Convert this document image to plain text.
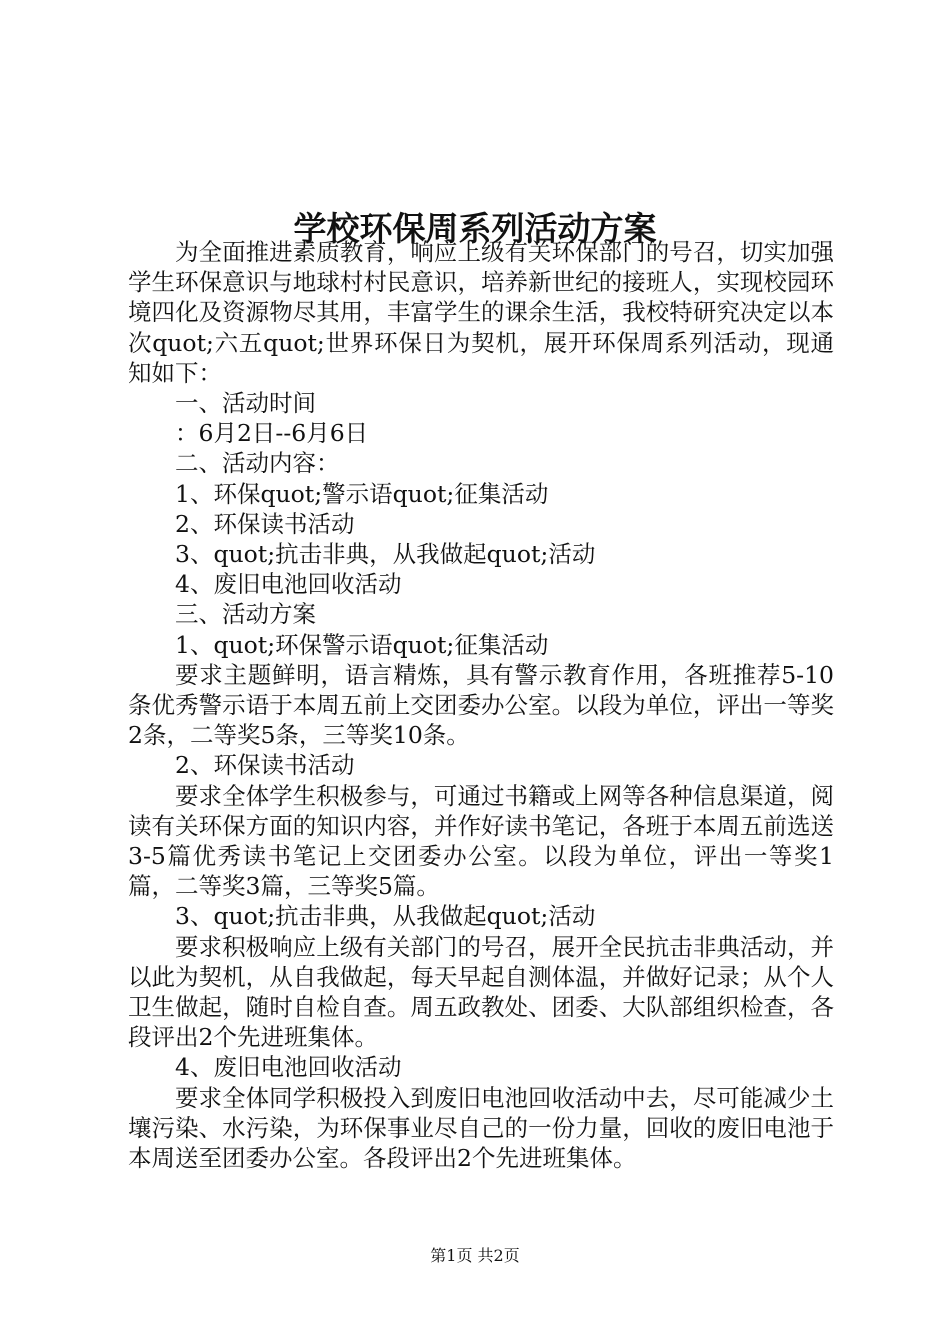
学校环保周系列活动方案

为全面推进素质教育，响应上级有关环保部门的号召，切实加强学生环保意识与地球村村民意识，培养新世纪的接班人，实现校园环境四化及资源物尽其用，丰富学生的课余生活，我校特研究决定以本次quot;六五quot;世界环保日为契机，展开环保周系列活动，现通知如下：

一、活动时间

：6月2日--6月6日

二、活动内容：

1、环保quot;警示语quot;征集活动

2、环保读书活动

3、quot;抗击非典，从我做起quot;活动

4、废旧电池回收活动

三、活动方案

1、quot;环保警示语quot;征集活动

要求主题鲜明，语言精炼，具有警示教育作用，各班推荐5-10条优秀警示语于本周五前上交团委办公室。以段为单位，评出一等奖2条，二等奖5条，三等奖10条。

2、环保读书活动

要求全体学生积极参与，可通过书籍或上网等各种信息渠道，阅读有关环保方面的知识内容，并作好读书笔记，各班于本周五前选送3-5篇优秀读书笔记上交团委办公室。以段为单位，评出一等奖1篇，二等奖3篇，三等奖5篇。

3、quot;抗击非典，从我做起quot;活动

要求积极响应上级有关部门的号召，展开全民抗击非典活动，并以此为契机，从自我做起，每天早起自测体温，并做好记录；从个人卫生做起，随时自检自查。周五政教处、团委、大队部组织检查，各段评出2个先进班集体。

4、废旧电池回收活动

要求全体同学积极投入到废旧电池回收活动中去，尽可能减少土壤污染、水污染，为环保事业尽自己的一份力量，回收的废旧电池于本周送至团委办公室。各段评出2个先进班集体。

第1页 共2页
